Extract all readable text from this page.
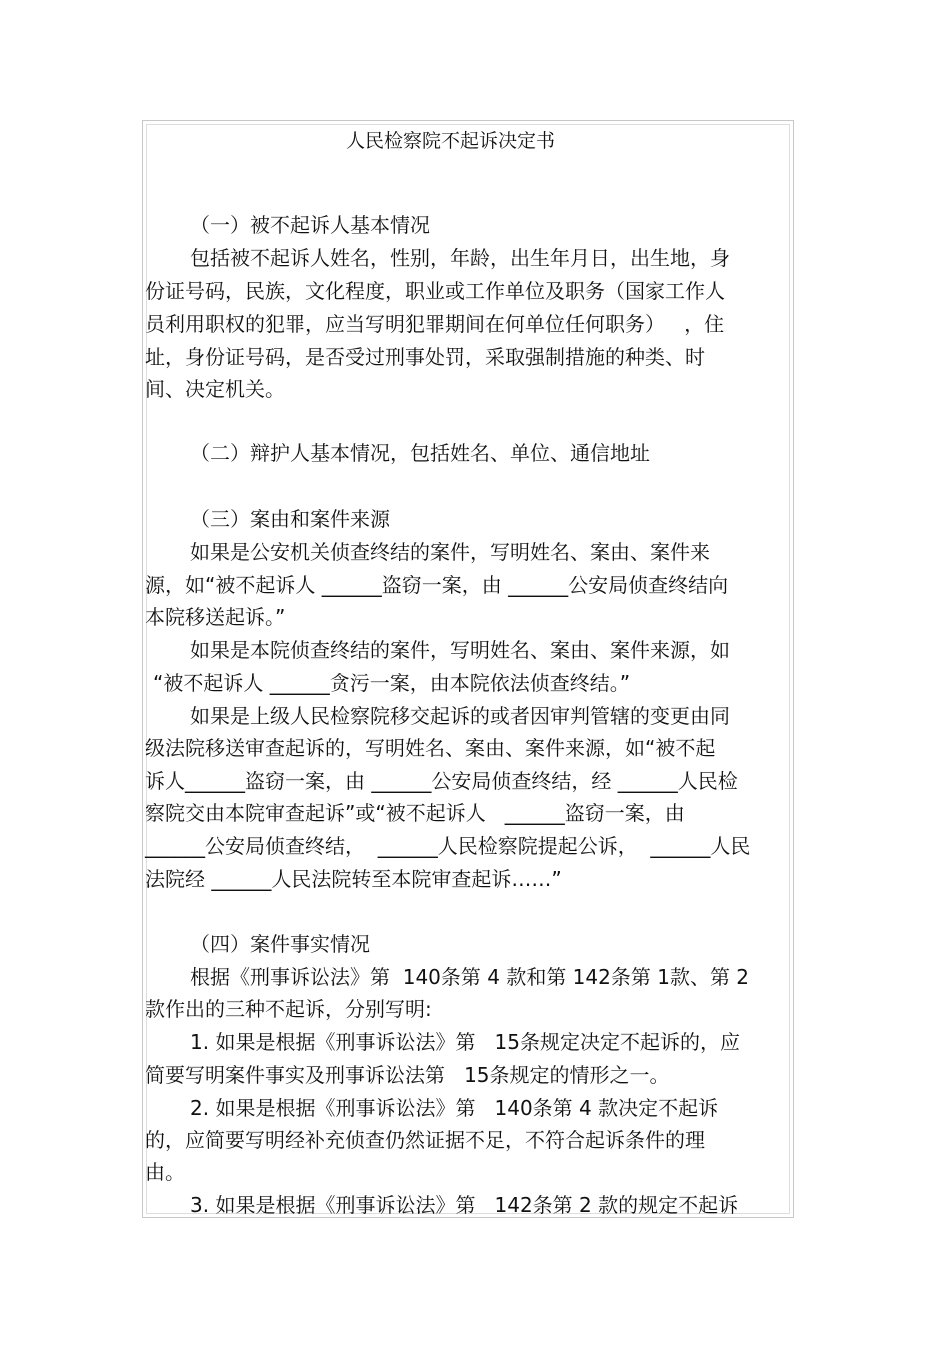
人民检察院不起诉决定书
（一）被不起诉人基本情况
包括被不起诉人姓名，性别，年龄，出生年月日，出生地，身
份证号码，民族，文化程度，职业或工作单位及职务（国家工作人
员利用职权的犯罪，应当写明犯罪期间在何单位任何职务）   ，住
址，身份证号码，是否受过刑事处罚，采取强制措施的种类、时
间、决定机关。
（二）辩护人基本情况，包括姓名、单位、通信地址
（三）案由和案件来源
如果是公安机关侦查终结的案件，写明姓名、案由、案件来
源，如“被不起诉人 ______盗窃一案，由 ______公安局侦查终结向
本院移送起诉。”
如果是本院侦查终结的案件，写明姓名、案由、案件来源，如
“被不起诉人 ______贪污一案，由本院依法侦查终结。”
如果是上级人民检察院移交起诉的或者因审判管辖的变更由同
级法院移送审查起诉的，写明姓名、案由、案件来源，如“被不起
诉人______盗窃一案，由 ______公安局侦查终结，经 ______人民检
察院交由本院审查起诉”或“被不起诉人   ______盗窃一案，由
______公安局侦查终结，  ______人民检察院提起公诉，  ______人民
法院经 ______人民法院转至本院审查起诉……”
（四）案件事实情况
根据《刑事诉讼法》第  140条第 4 款和第 142条第 1款、第 2
款作出的三种不起诉，分别写明:
1. 如果是根据《刑事诉讼法》第   15条规定决定不起诉的，应
简要写明案件事实及刑事诉讼法第   15条规定的情形之一。
2. 如果是根据《刑事诉讼法》第   140条第 4 款决定不起诉
的，应简要写明经补充侦查仍然证据不足，不符合起诉条件的理
由。
3. 如果是根据《刑事诉讼法》第   142条第 2 款的规定不起诉
